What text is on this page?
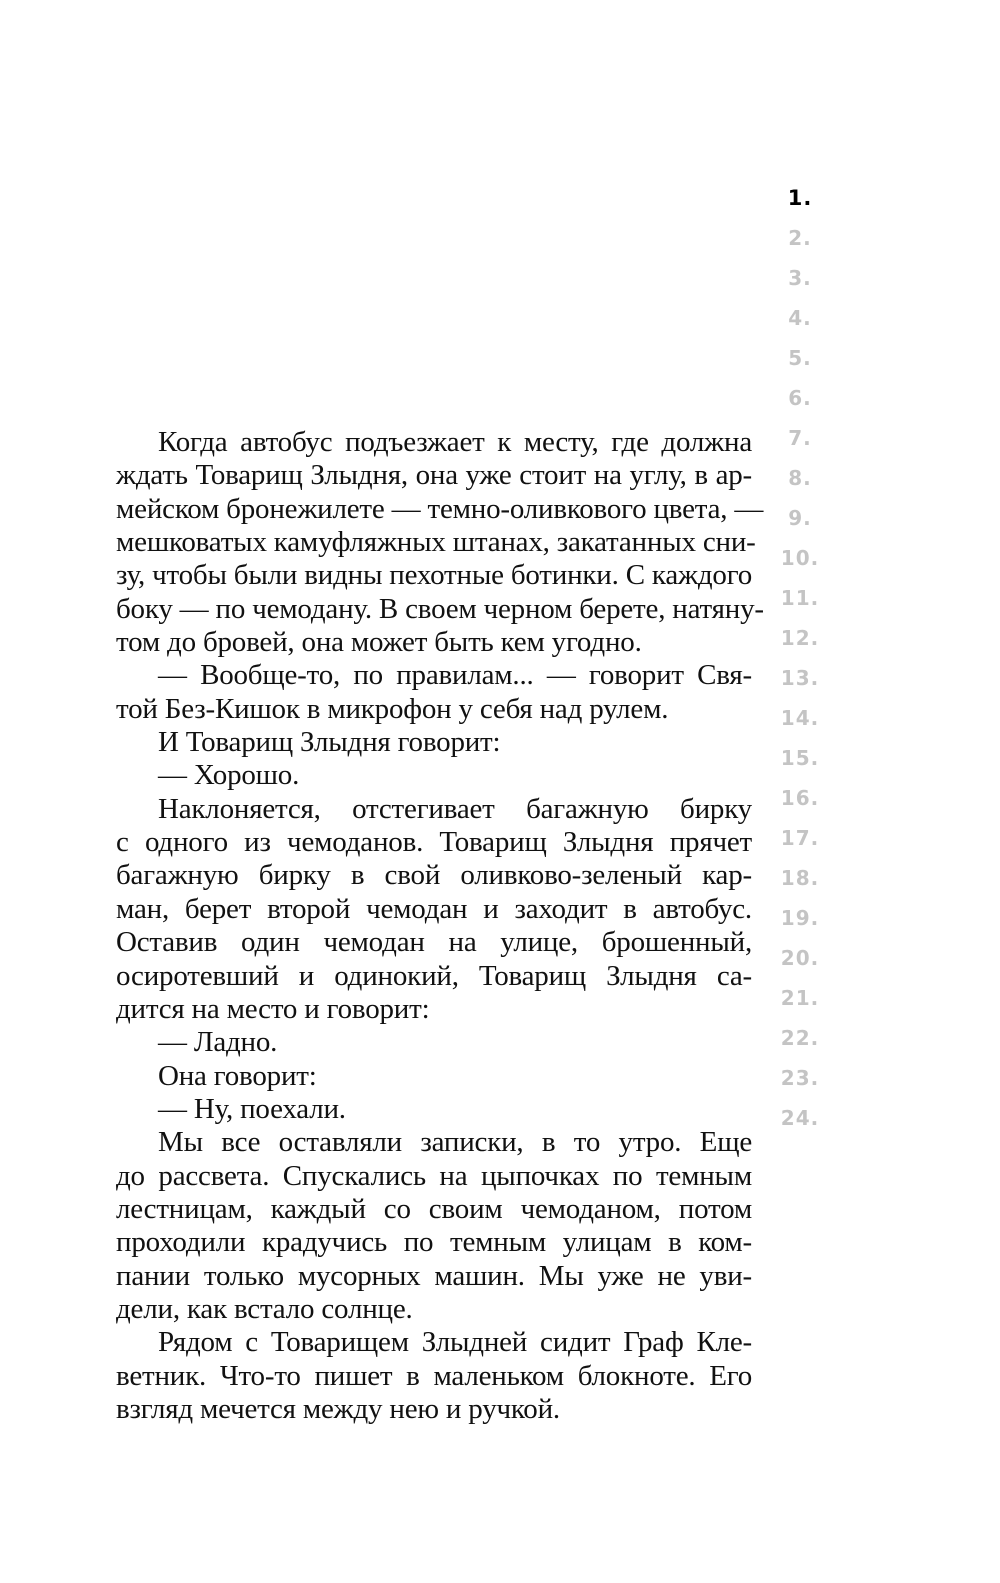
1.
2.
3.
4.
5.
6.
7.
8.
9.
10.
11.
12.
13.
14.
15.
16.
17.
18.
19.
20.
21.
22.
23.
24.
Когда автобус подъезжает к месту, где должна
ждать Товарищ Злыдня, она уже стоит на углу, в ар-
мейском бронежилете — темно-оливкового цвета, —
мешковатых камуфляжных штанах, закатанных сни-
зу, чтобы были видны пехотные ботинки. С каждого
боку — по чемодану. В своем черном берете, натяну-
том до бровей, она может быть кем угодно.
— Вообще-то, по правилам... — говорит Свя-
той Без-Кишок в микрофон у себя над рулем.
И Товарищ Злыдня говорит:
— Хорошо.
Наклоняется, отстегивает багажную бирку
с одного из чемоданов. Товарищ Злыдня прячет
багажную бирку в свой оливково-зеленый кар-
ман, берет второй чемодан и заходит в автобус.
Оставив один чемодан на улице, брошенный,
осиротевший и одинокий, Товарищ Злыдня са-
дится на место и говорит:
— Ладно.
Она говорит:
— Ну, поехали.
Мы все оставляли записки, в то утро. Еще
до рассвета. Спускались на цыпочках по темным
лестницам, каждый со своим чемоданом, потом
проходили крадучись по темным улицам в ком-
пании только мусорных машин. Мы уже не уви-
дели, как встало солнце.
Рядом с Товарищем Злыдней сидит Граф Кле-
ветник. Что-то пишет в маленьком блокноте. Его
взгляд мечется между нею и ручкой.
